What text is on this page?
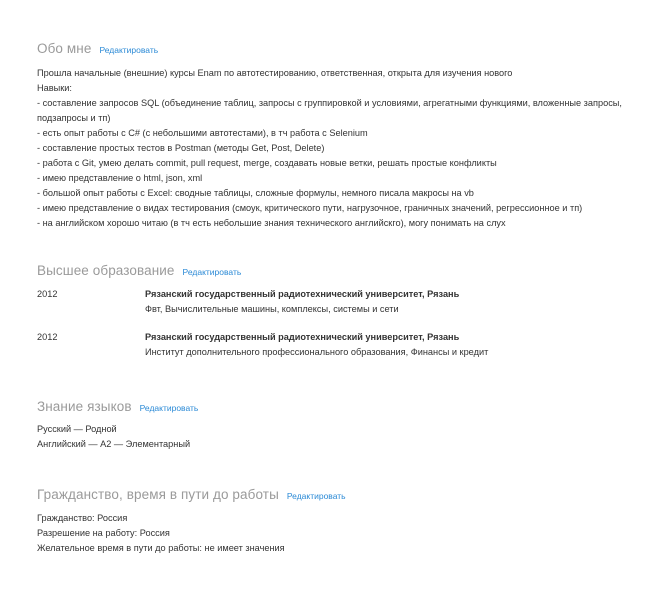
Обо мне Редактировать
Прошла начальные (внешние) курсы Enam по автотестированию, ответственная, открыта для изучения нового
Навыки:
- составление запросов SQL (объединение таблиц, запросы с группировкой и условиями, агрегатными функциями, вложенные запросы, подзапросы и тп)
- есть опыт работы с C# (с небольшими автотестами), в тч работа с Selenium
- составление простых тестов в Postman (методы Get, Post, Delete)
- работа с Git, умею делать commit, pull request, merge, создавать новые ветки, решать простые конфликты
- имею представление о html, json, xml
- большой опыт работы с Excel: сводные таблицы, сложные формулы, немного писала макросы на vb
- имею представление о видах тестирования (смоук, критического пути, нагрузочное, граничных значений, регрессионное и тп)
- на английском хорошо читаю (в тч есть небольшие знания технического английскго), могу понимать на слух
Высшее образование Редактировать
2012	Рязанский государственный радиотехнический университет, Рязань
Фвт, Вычислительные машины, комплексы, системы и сети
2012	Рязанский государственный радиотехнический университет, Рязань
Институт дополнительного профессионального образования, Финансы и кредит
Знание языков Редактировать
Русский — Родной
Английский — A2 — Элементарный
Гражданство, время в пути до работы Редактировать
Гражданство: Россия
Разрешение на работу: Россия
Желательное время в пути до работы: не имеет значения
